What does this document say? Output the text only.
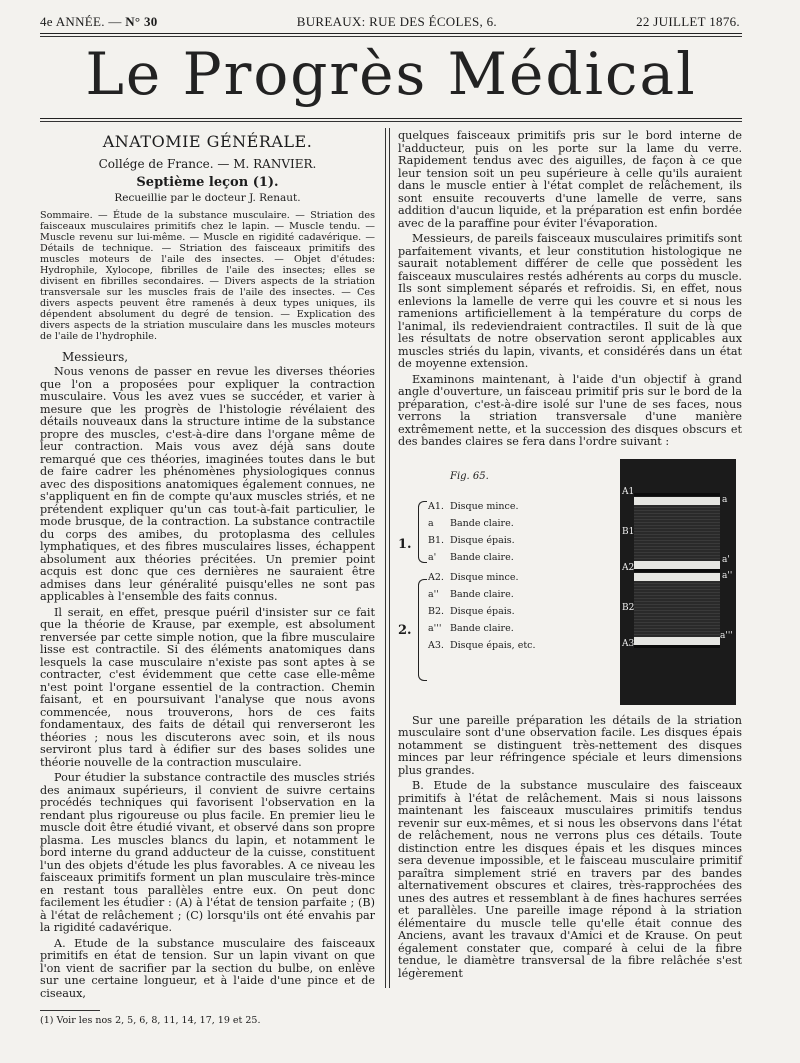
4e ANNÉE. — N° 30	BUREAUX: RUE DES ÉCOLES, 6.	22 JUILLET 1876.
Le Progrès Médical
ANATOMIE GÉNÉRALE.
Collége de France. — M. RANVIER.
Septième leçon (1).
Recueillie par le docteur J. Renaut.
Sommaire. — Étude de la substance musculaire. — Striation des faisceaux musculaires primitifs chez le lapin. — Muscle tendu. — Muscle revenu sur lui-même. — Muscle en rigidité cadavérique. — Détails de technique. — Striation des faisceaux primitifs des muscles moteurs de l'aile des insectes. — Objet d'études: Hydrophile, Xylocope, fibrilles de l'aile des insectes; elles se divisent en fibrilles secondaires. — Divers aspects de la striation transversale sur les muscles frais de l'aile des insectes. — Ces divers aspects peuvent être ramenés à deux types uniques, ils dépendent absolument du degré de tension. — Explication des divers aspects de la striation musculaire dans les muscles moteurs de l'aile de l'hydrophile.
Messieurs,

Nous venons de passer en revue les diverses théories que l'on a proposées pour expliquer la contraction musculaire. Vous les avez vues se succéder, et varier à mesure que les progrès de l'histologie révélaient des détails nouveaux dans la structure intime de la substance propre des muscles, c'est-à-dire dans l'organe même de leur contraction. Mais vous avez déjà sans doute remarqué que ces théories, imaginées toutes dans le but de faire cadrer les phénomènes physiologiques connus avec des dispositions anatomiques également connues, ne s'appliquent en fin de compte qu'aux muscles striés, et ne prétendent expliquer qu'un cas tout-à-fait particulier, le mode brusque, de la contraction. La substance contractile du corps des amibes, du protoplasma des cellules lymphatiques, et des fibres musculaires lisses, échappent absolument aux théories précitées. Un premier point acquis est donc que ces dernières ne sauraient être admises dans leur généralité puisqu'elles ne sont pas applicables à l'ensemble des faits connus.

Il serait, en effet, presque puéril d'insister sur ce fait que la théorie de Krause, par exemple, est absolument renversée par cette simple notion, que la fibre musculaire lisse est contractile. Si des éléments anatomiques dans lesquels la case musculaire n'existe pas sont aptes à se contracter, c'est évidemment que cette case elle-même n'est point l'organe essentiel de la contraction. Chemin faisant, et en poursuivant l'analyse que nous avons commencée, nous trouverons, hors de ces faits fondamentaux, des faits de détail qui renverseront les théories ; nous les discuterons avec soin, et ils nous serviront plus tard à édifier sur des bases solides une théorie nouvelle de la contraction musculaire.

Pour étudier la substance contractile des muscles striés des animaux supérieurs, il convient de suivre certains procédés techniques qui favorisent l'observation en la rendant plus rigoureuse ou plus facile. En premier lieu le muscle doit être étudié vivant, et observé dans son propre plasma. Les muscles blancs du lapin, et notamment le bord interne du grand adducteur de la cuisse, constituent l'un des objets d'étude les plus favorables. A ce niveau les faisceaux primitifs forment un plan musculaire très-mince en restant tous parallèles entre eux. On peut donc facilement les étudier : (A) à l'état de tension parfaite ; (B) à l'état de relâchement ; (C) lorsqu'ils ont été envahis par la rigidité cadavérique.

A. Etude de la substance musculaire des faisceaux primitifs en état de tension. Sur un lapin vivant on que l'on vient de sacrifier par la section du bulbe, on enlève sur une certaine longueur, et à l'aide d'une pince et de ciseaux,

(1) Voir les nos 2, 5, 6, 8, 11, 14, 17, 19 et 25.

quelques faisceaux primitifs pris sur le bord interne de l'adducteur, puis on les porte sur la lame du verre. Rapidement tendus avec des aiguilles, de façon à ce que leur tension soit un peu supérieure à celle qu'ils auraient dans le muscle entier à l'état complet de relâchement, ils sont ensuite recouverts d'une lamelle de verre, sans addition d'aucun liquide, et la préparation est enfin bordée avec de la paraffine pour éviter l'évaporation.

Messieurs, de pareils faisceaux musculaires primitifs sont parfaitement vivants, et leur constitution histologique ne saurait notablement différer de celle que possèdent les faisceaux musculaires restés adhérents au corps du muscle. Ils sont simplement séparés et refroidis. Si, en effet, nous enlevions la lamelle de verre qui les couvre et si nous les ramenions artificiellement à la température du corps de l'animal, ils redeviendraient contractiles. Il suit de là que les résultats de notre observation seront applicables aux muscles striés du lapin, vivants, et considérés dans un état de moyenne extension.

Examinons maintenant, à l'aide d'un objectif à grand angle d'ouverture, un faisceau primitif pris sur le bord de la préparation, c'est-à-dire isolé sur l'une de ses faces, nous verrons la striation transversale d'une manière extrêmement nette, et la succession des disques obscurs et des bandes claires se fera dans l'ordre suivant :

Fig. 65.
1.
2.
A1. Disque mince.
a Bande claire.
B1. Disque épais.
a' Bande claire.
A2. Disque mince.
a'' Bande claire.
B2. Disque épais.
a''' Bande claire.
A3. Disque épais, etc.
A1
B1
A2
B2
A3
a
a'
a''
a'''

Sur une pareille préparation les détails de la striation musculaire sont d'une observation facile. Les disques épais notamment se distinguent très-nettement des disques minces par leur réfringence spéciale et leurs dimensions plus grandes.

B. Etude de la substance musculaire des faisceaux primitifs à l'état de relâchement. Mais si nous laissons maintenant les faisceaux musculaires primitifs tendus revenir sur eux-mêmes, et si nous les observons dans l'état de relâchement, nous ne verrons plus ces détails. Toute distinction entre les disques épais et les disques minces sera devenue impossible, et le faisceau musculaire primitif paraîtra simplement strié en travers par des bandes alternativement obscures et claires, très-rapprochées des unes des autres et ressemblant à de fines hachures serrées et parallèles. Une pareille image répond à la striation élémentaire du muscle telle qu'elle était connue des Anciens, avant les travaux d'Amici et de Krause. On peut également constater que, comparé à celui de la fibre tendue, le diamètre transversal de la fibre relâchée s'est légèrement
